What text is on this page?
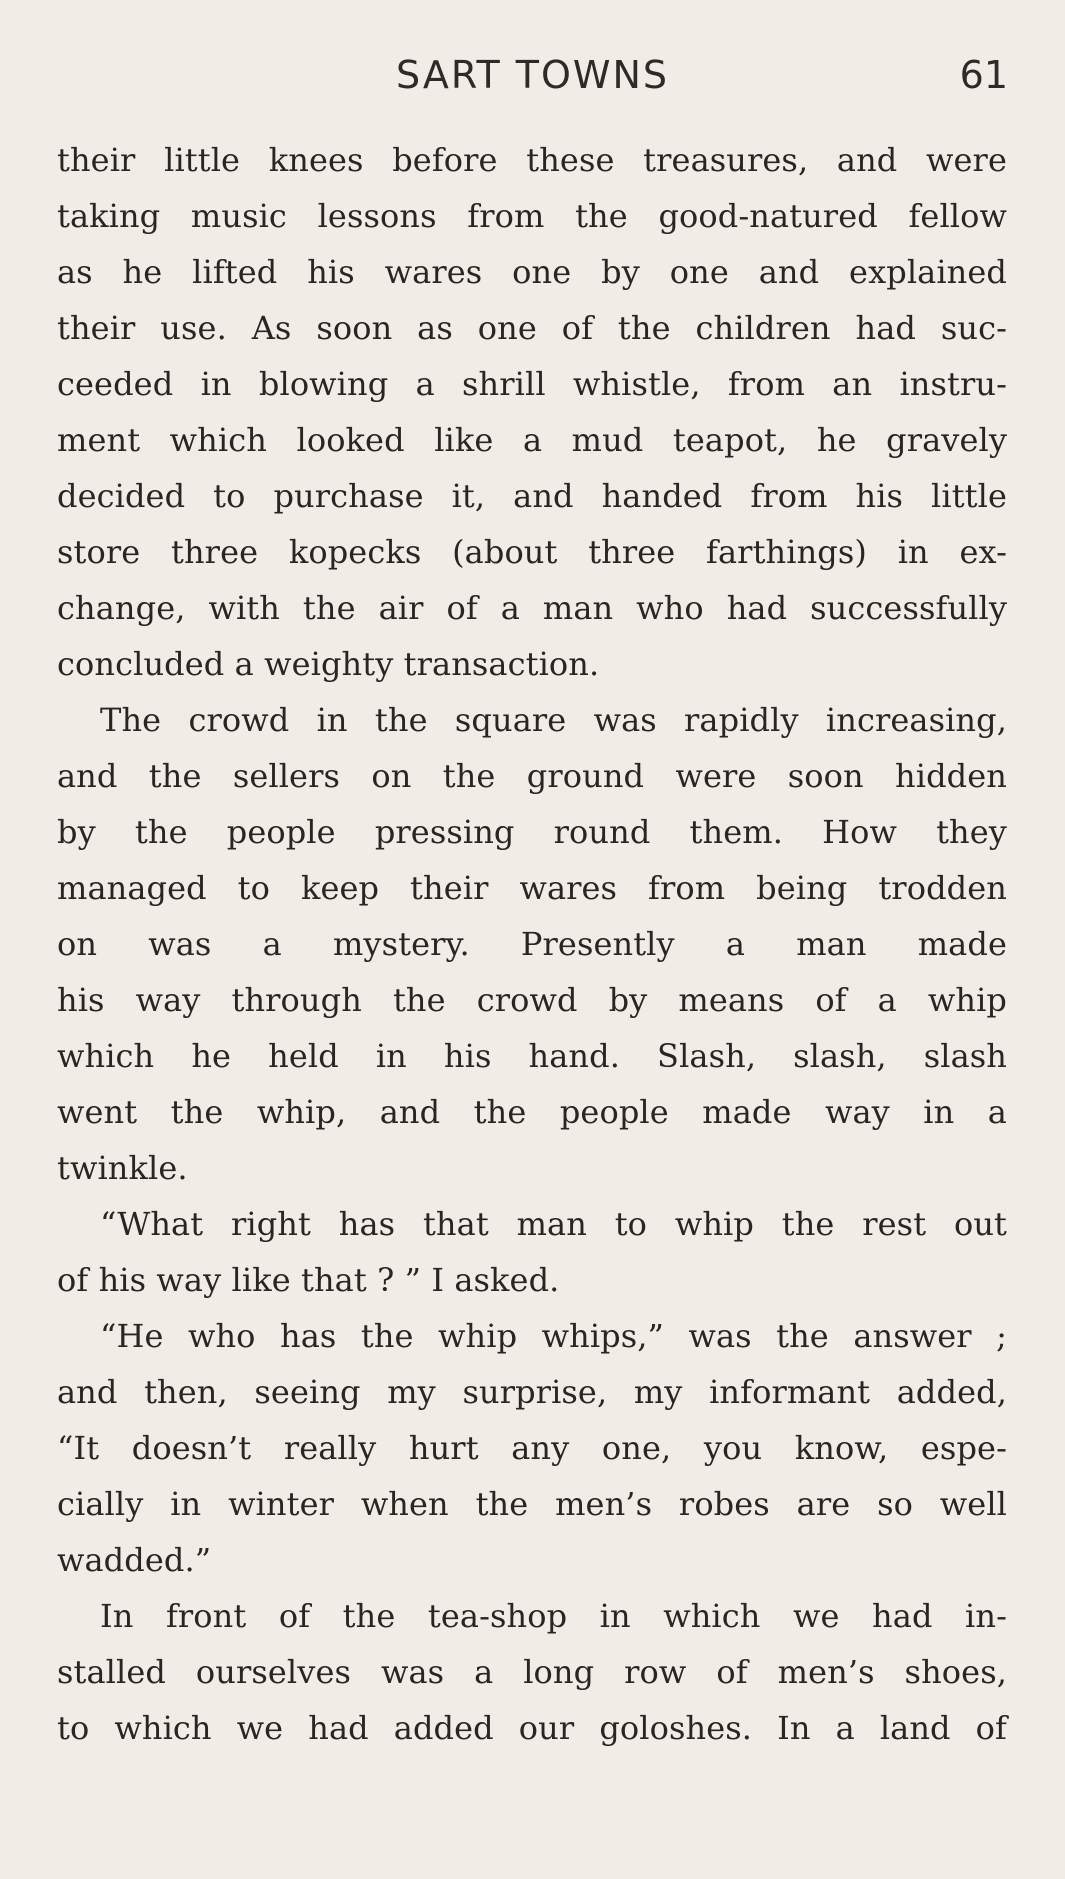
SART TOWNS	61
their little knees before these treasures, and were
taking music lessons from the good-natured fellow
as he lifted his wares one by one and explained
their use. As soon as one of the children had suc-
ceeded in blowing a shrill whistle, from an instru-
ment which looked like a mud teapot, he gravely
decided to purchase it, and handed from his little
store three kopecks (about three farthings) in ex-
change, with the air of a man who had successfully
concluded a weighty transaction.
The crowd in the square was rapidly increasing,
and the sellers on the ground were soon hidden
by the people pressing round them. How they
managed to keep their wares from being trodden
on was a mystery. Presently a man made
his way through the crowd by means of a whip
which he held in his hand. Slash, slash, slash
went the whip, and the people made way in a
twinkle.
“What right has that man to whip the rest out
of his way like that ? ” I asked.
“He who has the whip whips,” was the answer ;
and then, seeing my surprise, my informant added,
“It doesn’t really hurt any one, you know, espe-
cially in winter when the men’s robes are so well
wadded.”
In front of the tea-shop in which we had in-
stalled ourselves was a long row of men’s shoes,
to which we had added our goloshes. In a land of
